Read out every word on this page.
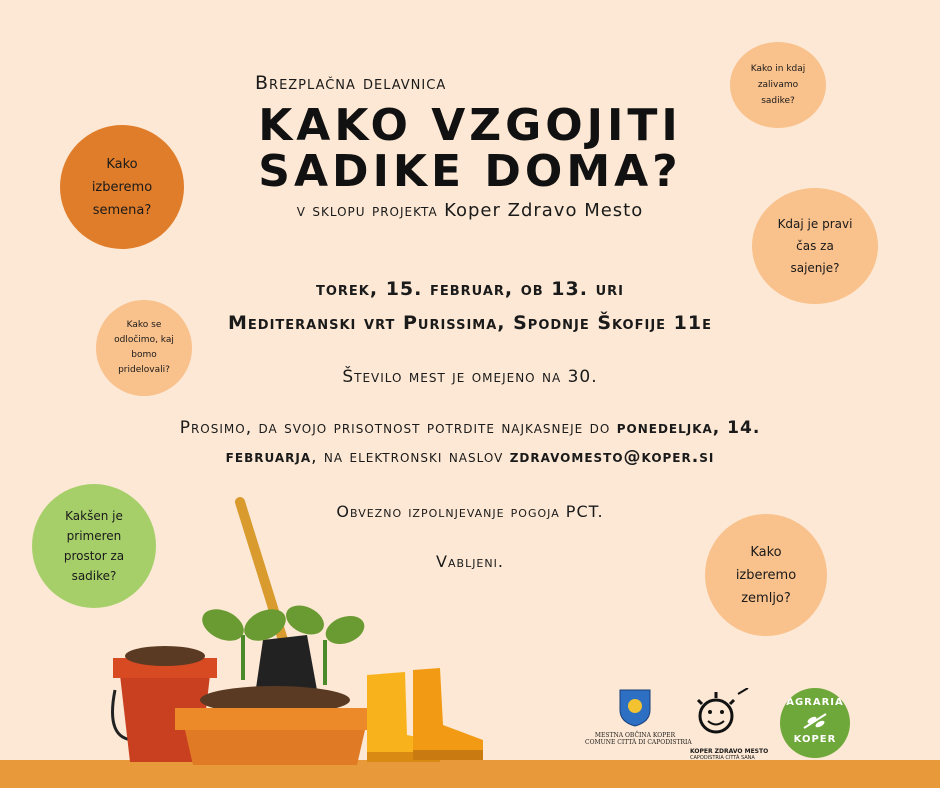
Brezplačna delavnica
KAKO VZGOJITI
SADIKE DOMA?
v sklopu projekta Koper Zdravo Mesto
torek, 15. februar, ob 13. uri
Mediteranski vrt Purissima, Spodnje Škofije 11e
Število mest je omejeno na 30.
Prosimo, da svojo prisotnost potrdite najkasneje do ponedeljka, 14.
februarja, na elektronski naslov zdravomesto@koper.si
Obvezno izpolnjevanje pogoja PCT.
Vabljeni.
Kako
izberemo
semena?
Kako se
odločimo, kaj
bomo
pridelovali?
Kakšen je
primeren
prostor za
sadike?
Kako in kdaj
zalivamo
sadike?
Kdaj je pravi
čas za
sajenje?
Kako
izberemo
zemljo?
MESTNA OBČINA KOPER
COMUNE CITTÀ DI CAPODISTRIA
KOPER ZDRAVO MESTO
CAPODISTRIA CITTÀ SANA
AGRARIA
KOPER
